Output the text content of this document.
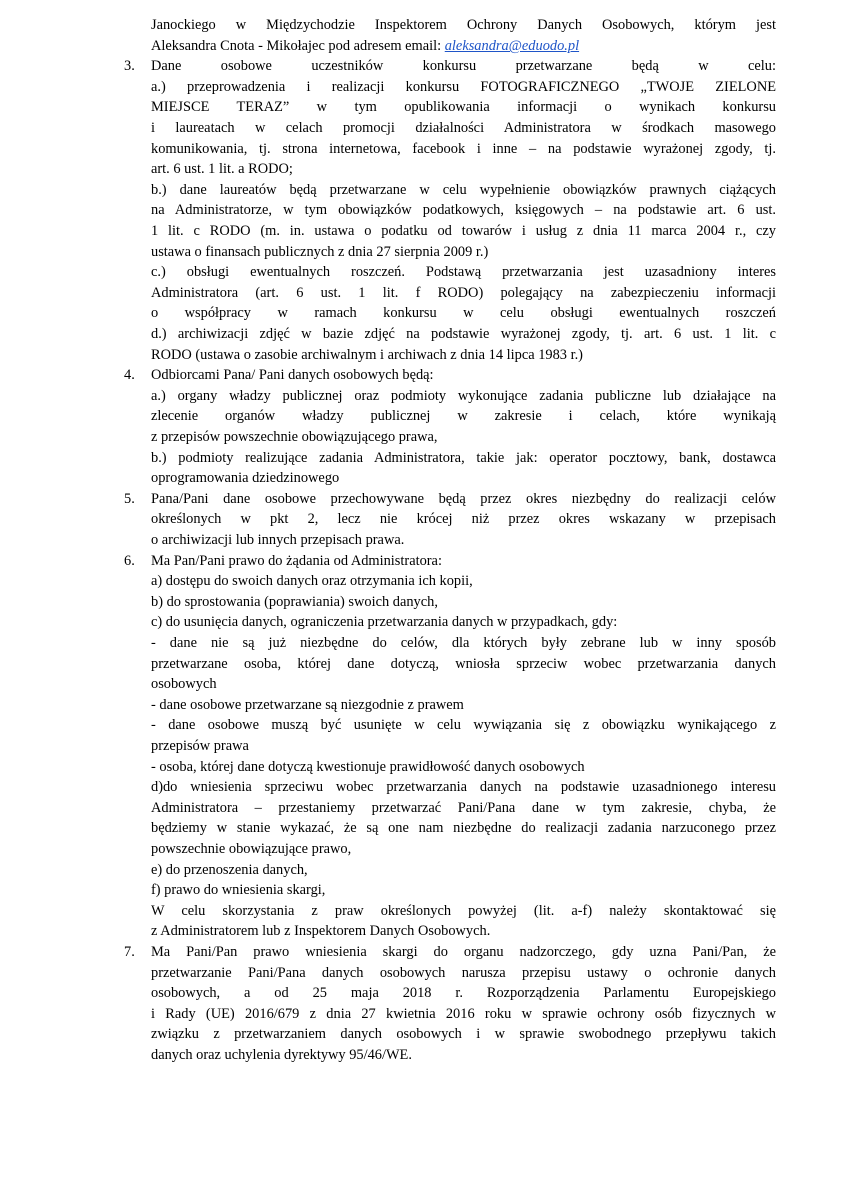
Janockiego w Międzychodzie Inspektorem Ochrony Danych Osobowych, którym jest
Aleksandra Cnota - Mikołajec pod adresem email: aleksandra@eduodo.pl
3.	Dane osobowe uczestników konkursu przetwarzane będą w celu:
a.) przeprowadzenia i realizacji konkursu FOTOGRAFICZNEGO „TWOJE ZIELONE
MIEJSCE TERAZ” w tym opublikowania informacji o wynikach konkursu
i laureatach w celach promocji działalności Administratora w środkach masowego
komunikowania, tj. strona internetowa, facebook i inne – na podstawie wyrażonej zgody, tj.
art. 6 ust. 1 lit. a RODO;
b.) dane laureatów będą przetwarzane w celu wypełnienie obowiązków prawnych ciążących
na Administratorze, w tym obowiązków podatkowych, księgowych – na podstawie art. 6 ust.
1 lit. c RODO (m. in. ustawa o podatku od towarów i usług z dnia 11 marca 2004 r., czy
ustawa o finansach publicznych z dnia 27 sierpnia 2009 r.)
c.) obsługi ewentualnych roszczeń. Podstawą przetwarzania jest uzasadniony interes
Administratora (art. 6 ust. 1 lit. f RODO) polegający na zabezpieczeniu informacji
o współpracy w ramach konkursu w celu obsługi ewentualnych roszczeń
d.) archiwizacji zdjęć w bazie zdjęć na podstawie wyrażonej zgody, tj. art. 6 ust. 1 lit. c
RODO (ustawa o zasobie archiwalnym i archiwach z dnia 14 lipca 1983 r.)
4.	Odbiorcami Pana/ Pani danych osobowych będą:
a.) organy władzy publicznej oraz podmioty wykonujące zadania publiczne lub działające na
zlecenie organów władzy publicznej w zakresie i celach, które wynikają
z przepisów powszechnie obowiązującego prawa,
b.) podmioty realizujące zadania Administratora, takie jak: operator pocztowy, bank, dostawca
oprogramowania dziedzinowego
5.	Pana/Pani dane osobowe przechowywane będą przez okres niezbędny do realizacji celów
określonych w pkt 2, lecz nie krócej niż przez okres wskazany w przepisach
o archiwizacji lub innych przepisach prawa.
6.	Ma Pan/Pani prawo do żądania od Administratora:
a) dostępu do swoich danych oraz otrzymania ich kopii,
b) do sprostowania (poprawiania) swoich danych,
c) do usunięcia danych, ograniczenia przetwarzania danych w przypadkach, gdy:
- dane nie są już niezbędne do celów, dla których były zebrane lub w inny sposób
przetwarzane osoba, której dane dotyczą, wniosła sprzeciw wobec przetwarzania danych
osobowych
- dane osobowe przetwarzane są niezgodnie z prawem
- dane osobowe muszą być usunięte w celu wywiązania się z obowiązku wynikającego z
przepisów prawa
- osoba, której dane dotyczą kwestionuje prawidłowość danych osobowych
d)do wniesienia sprzeciwu wobec przetwarzania danych na podstawie uzasadnionego interesu
Administratora – przestaniemy przetwarzać Pani/Pana dane w tym zakresie, chyba, że
będziemy w stanie wykazać, że są one nam niezbędne do realizacji zadania narzuconego przez
powszechnie obowiązujące prawo,
e) do przenoszenia danych,
f) prawo do wniesienia skargi,
W celu skorzystania z praw określonych powyżej (lit. a-f) należy skontaktować się
z Administratorem lub z Inspektorem Danych Osobowych.
7.	Ma Pani/Pan prawo wniesienia skargi do organu nadzorczego, gdy uzna Pani/Pan, że
przetwarzanie Pani/Pana danych osobowych narusza przepisu ustawy o ochronie danych
osobowych, a od 25 maja 2018 r. Rozporządzenia Parlamentu Europejskiego
i Rady (UE) 2016/679 z dnia 27 kwietnia 2016 roku w sprawie ochrony osób fizycznych w
związku z przetwarzaniem danych osobowych i w sprawie swobodnego przepływu takich
danych oraz uchylenia dyrektywy 95/46/WE.
